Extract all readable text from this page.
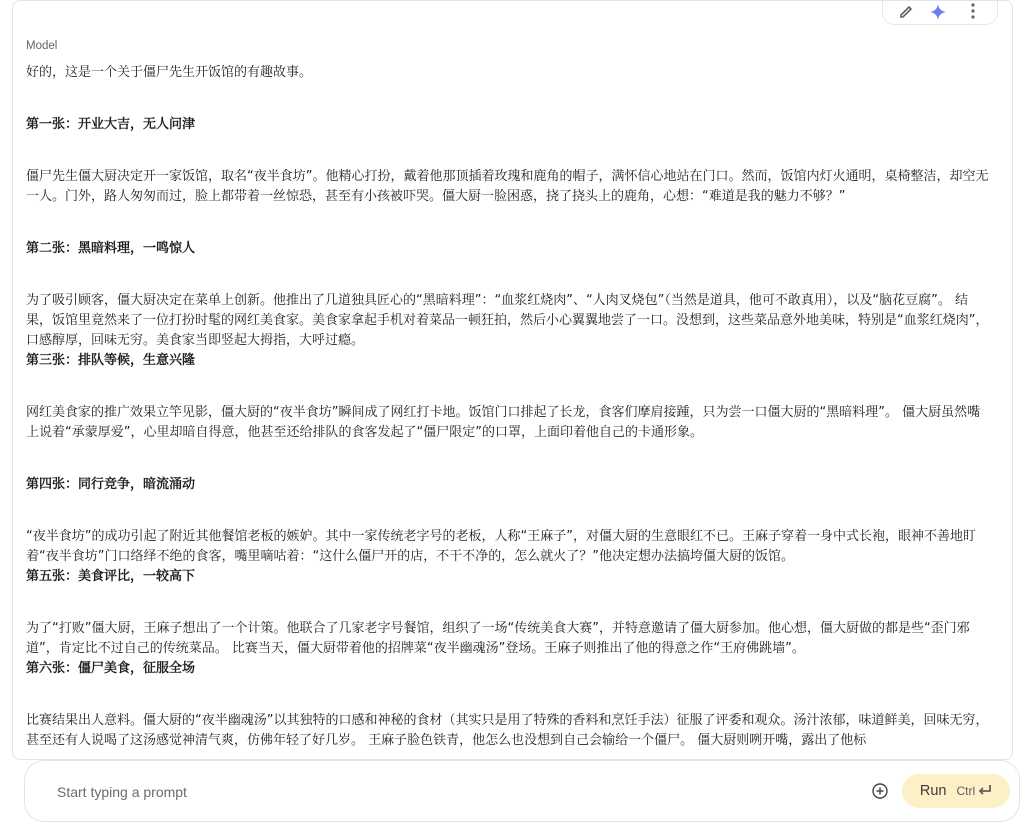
Model

好的，这是一个关于僵尸先生开饭馆的有趣故事。

第一张：开业大吉，无人问津

僵尸先生僵大厨决定开一家饭馆，取名“夜半食坊”。他精心打扮，戴着他那顶插着玫瑰和鹿角的帽子，满怀信心地站在门口。然而，饭馆内灯火通明，桌椅整洁，却空无一人。门外，路人匆匆而过，脸上都带着一丝惊恐，甚至有小孩被吓哭。僵大厨一脸困惑，挠了挠头上的鹿角，心想：“难道是我的魅力不够？”

第二张：黑暗料理，一鸣惊人

为了吸引顾客，僵大厨决定在菜单上创新。他推出了几道独具匠心的“黑暗料理”：“血浆红烧肉”、“人肉叉烧包”（当然是道具，他可不敢真用），以及“脑花豆腐”。 结果，饭馆里竟然来了一位打扮时髦的网红美食家。美食家拿起手机对着菜品一顿狂拍，然后小心翼翼地尝了一口。没想到，这些菜品意外地美味，特别是“血浆红烧肉”，口感醇厚，回味无穷。美食家当即竖起大拇指，大呼过瘾。

第三张：排队等候，生意兴隆

网红美食家的推广效果立竿见影，僵大厨的“夜半食坊”瞬间成了网红打卡地。饭馆门口排起了长龙，食客们摩肩接踵，只为尝一口僵大厨的“黑暗料理”。 僵大厨虽然嘴上说着“承蒙厚爱”，心里却暗自得意，他甚至还给排队的食客发起了“僵尸限定”的口罩，上面印着他自己的卡通形象。

第四张：同行竞争，暗流涌动

“夜半食坊”的成功引起了附近其他餐馆老板的嫉妒。其中一家传统老字号的老板，人称“王麻子”，对僵大厨的生意眼红不已。王麻子穿着一身中式长袍，眼神不善地盯着“夜半食坊”门口络绎不绝的食客，嘴里嘀咕着：“这什么僵尸开的店，不干不净的，怎么就火了？”他决定想办法搞垮僵大厨的饭馆。

第五张：美食评比，一较高下

为了“打败”僵大厨，王麻子想出了一个计策。他联合了几家老字号餐馆，组织了一场“传统美食大赛”，并特意邀请了僵大厨参加。他心想，僵大厨做的都是些“歪门邪道”，肯定比不过自己的传统菜品。 比赛当天，僵大厨带着他的招牌菜“夜半幽魂汤”登场。王麻子则推出了他的得意之作“王府佛跳墙”。

第六张：僵尸美食，征服全场

比赛结果出人意料。僵大厨的“夜半幽魂汤”以其独特的口感和神秘的食材（其实只是用了特殊的香料和烹饪手法）征服了评委和观众。汤汁浓郁，味道鲜美，回味无穷，甚至还有人说喝了这汤感觉神清气爽，仿佛年轻了好几岁。 王麻子脸色铁青，他怎么也没想到自己会输给一个僵尸。 僵大厨则咧开嘴，露出了他标

Start typing a prompt
Run Ctrl
